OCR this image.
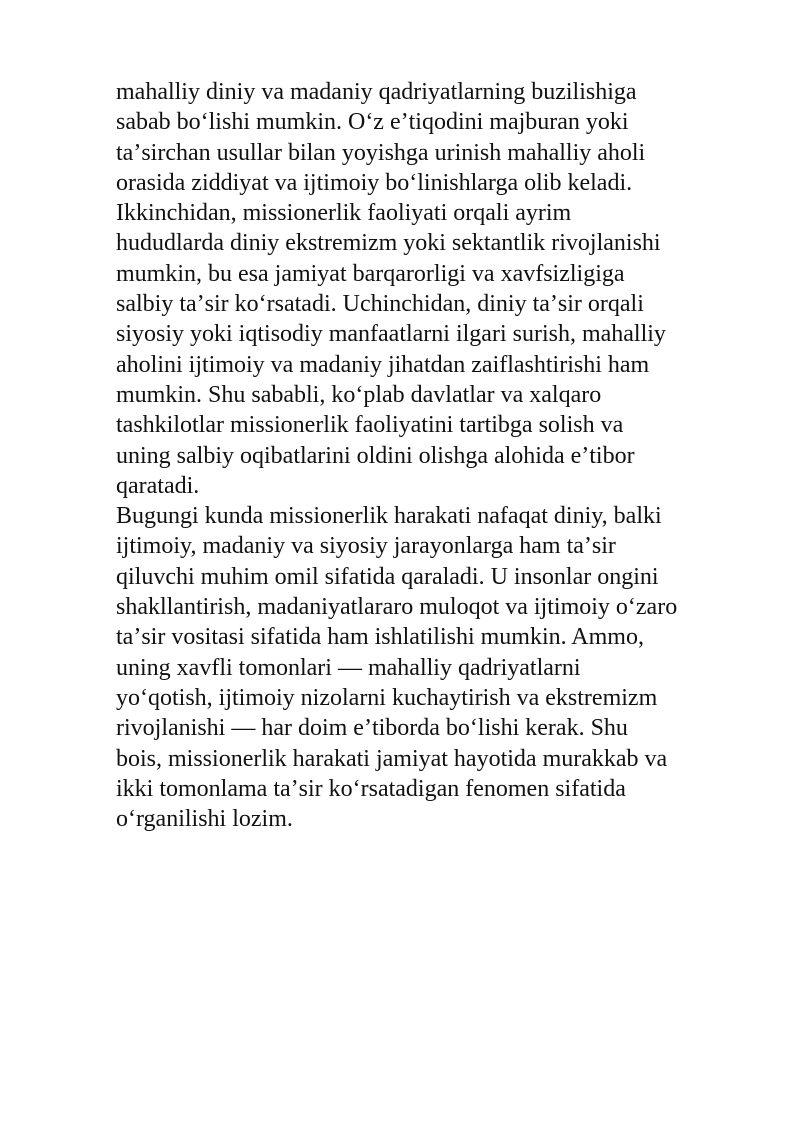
mahalliy diniy va madaniy qadriyatlarning buzilishiga
sabab boʻlishi mumkin. Oʻz eʼtiqodini majburan yoki
taʼsirchan usullar bilan yoyishga urinish mahalliy aholi
orasida ziddiyat va ijtimoiy boʻlinishlarga olib keladi.
Ikkinchidan, missionerlik faoliyati orqali ayrim
hududlarda diniy ekstremizm yoki sektantlik rivojlanishi
mumkin, bu esa jamiyat barqarorligi va xavfsizligiga
salbiy taʼsir koʻrsatadi. Uchinchidan, diniy taʼsir orqali
siyosiy yoki iqtisodiy manfaatlarni ilgari surish, mahalliy
aholini ijtimoiy va madaniy jihatdan zaiflashtirishi ham
mumkin. Shu sababli, koʻplab davlatlar va xalqaro
tashkilotlar missionerlik faoliyatini tartibga solish va
uning salbiy oqibatlarini oldini olishga alohida eʼtibor
qaratadi.

Bugungi kunda missionerlik harakati nafaqat diniy, balki
ijtimoiy, madaniy va siyosiy jarayonlarga ham taʼsir
qiluvchi muhim omil sifatida qaraladi. U insonlar ongini
shakllantirish, madaniyatlararo muloqot va ijtimoiy oʻzaro
taʼsir vositasi sifatida ham ishlatilishi mumkin. Ammo,
uning xavfli tomonlari — mahalliy qadriyatlarni
yoʻqotish, ijtimoiy nizolarni kuchaytirish va ekstremizm
rivojlanishi — har doim eʼtiborda boʻlishi kerak. Shu
bois, missionerlik harakati jamiyat hayotida murakkab va
ikki tomonlama taʼsir koʻrsatadigan fenomen sifatida
oʻrganilishi lozim.
